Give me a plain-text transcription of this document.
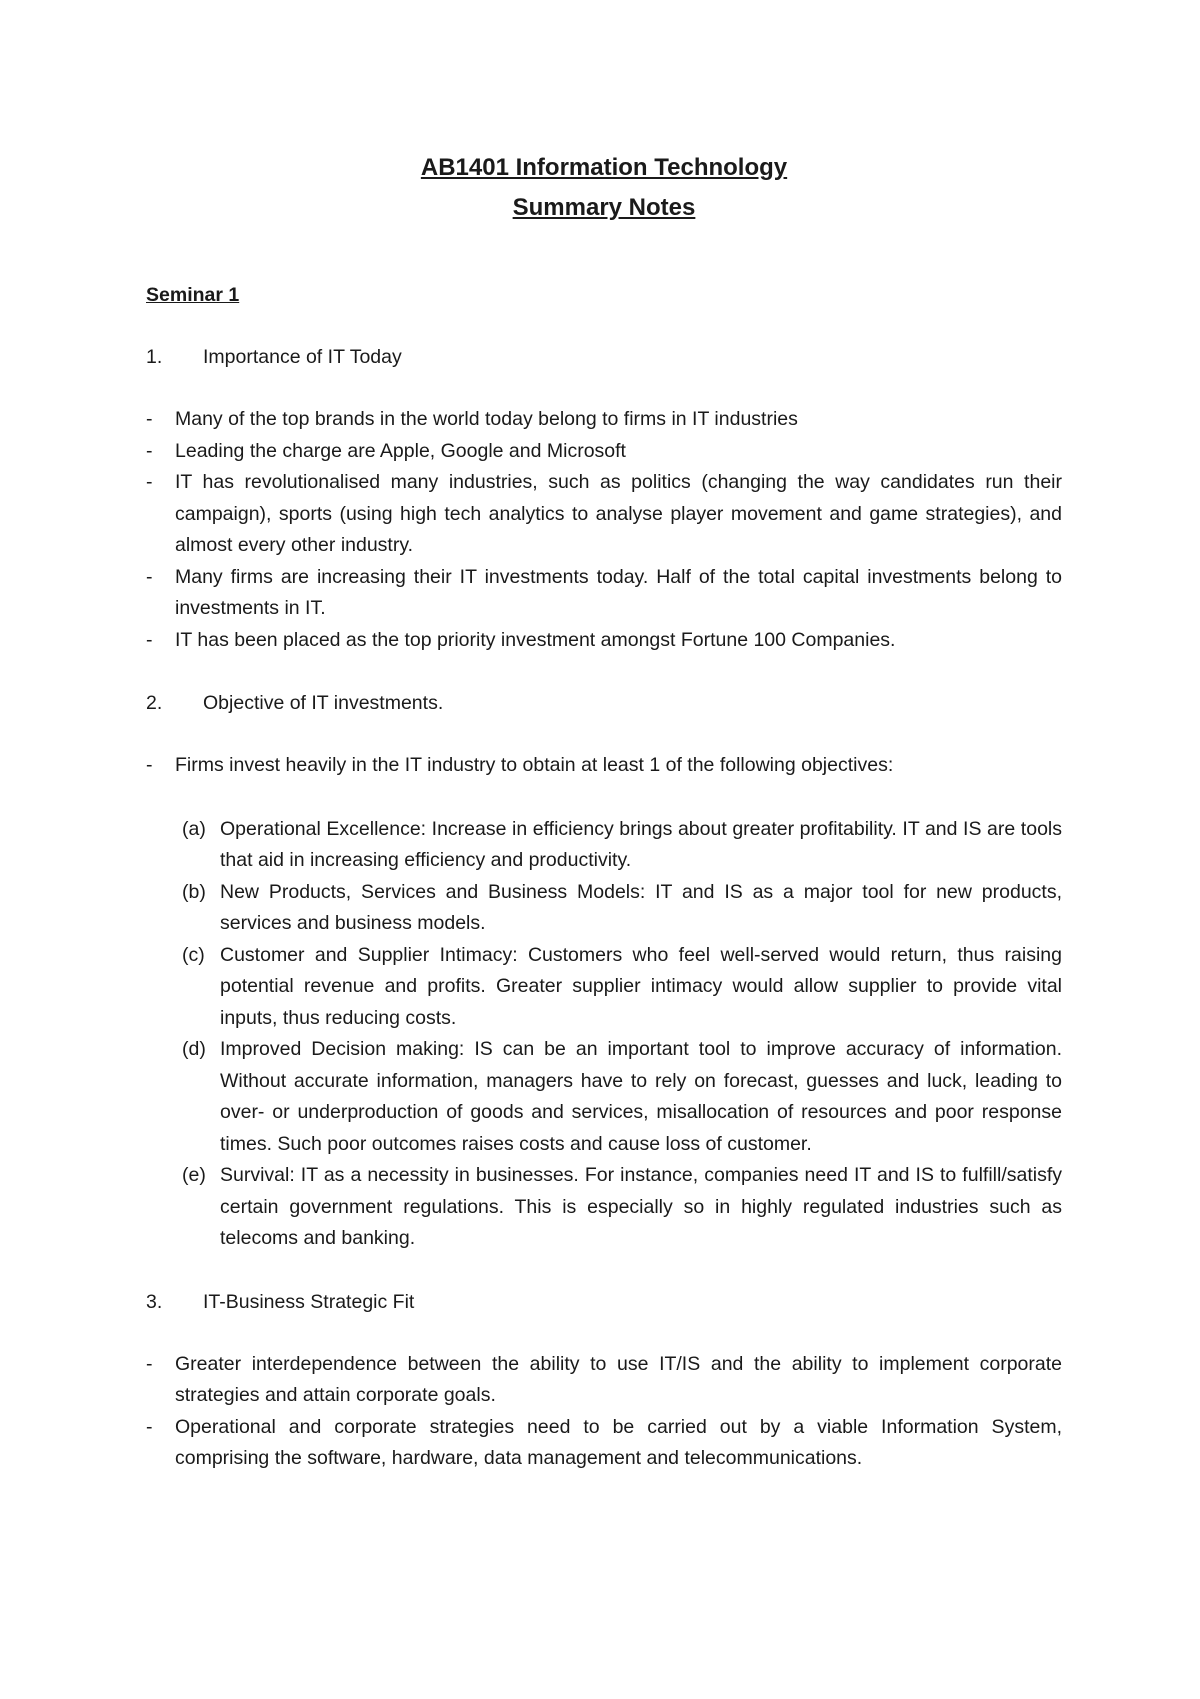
AB1401 Information Technology
Summary Notes
Seminar 1
1.	Importance of IT Today
-	Many of the top brands in the world today belong to firms in IT industries
-	Leading the charge are Apple, Google and Microsoft
-	IT has revolutionalised many industries, such as politics (changing the way candidates run their campaign), sports (using high tech analytics to analyse player movement and game strategies), and almost every other industry.
-	Many firms are increasing their IT investments today. Half of the total capital investments belong to investments in IT.
-	IT has been placed as the top priority investment amongst Fortune 100 Companies.
2.	Objective of IT investments.
-	Firms invest heavily in the IT industry to obtain at least 1 of the following objectives:
(a) Operational Excellence: Increase in efficiency brings about greater profitability. IT and IS are tools that aid in increasing efficiency and productivity.
(b) New Products, Services and Business Models: IT and IS as a major tool for new products, services and business models.
(c) Customer and Supplier Intimacy: Customers who feel well-served would return, thus raising potential revenue and profits. Greater supplier intimacy would allow supplier to provide vital inputs, thus reducing costs.
(d) Improved Decision making: IS can be an important tool to improve accuracy of information. Without accurate information, managers have to rely on forecast, guesses and luck, leading to over- or underproduction of goods and services, misallocation of resources and poor response times. Such poor outcomes raises costs and cause loss of customer.
(e) Survival: IT as a necessity in businesses. For instance, companies need IT and IS to fulfill/satisfy certain government regulations. This is especially so in highly regulated industries such as telecoms and banking.
3.	IT-Business Strategic Fit
-	Greater interdependence between the ability to use IT/IS and the ability to implement corporate strategies and attain corporate goals.
-	Operational and corporate strategies need to be carried out by a viable Information System, comprising the software, hardware, data management and telecommunications.
